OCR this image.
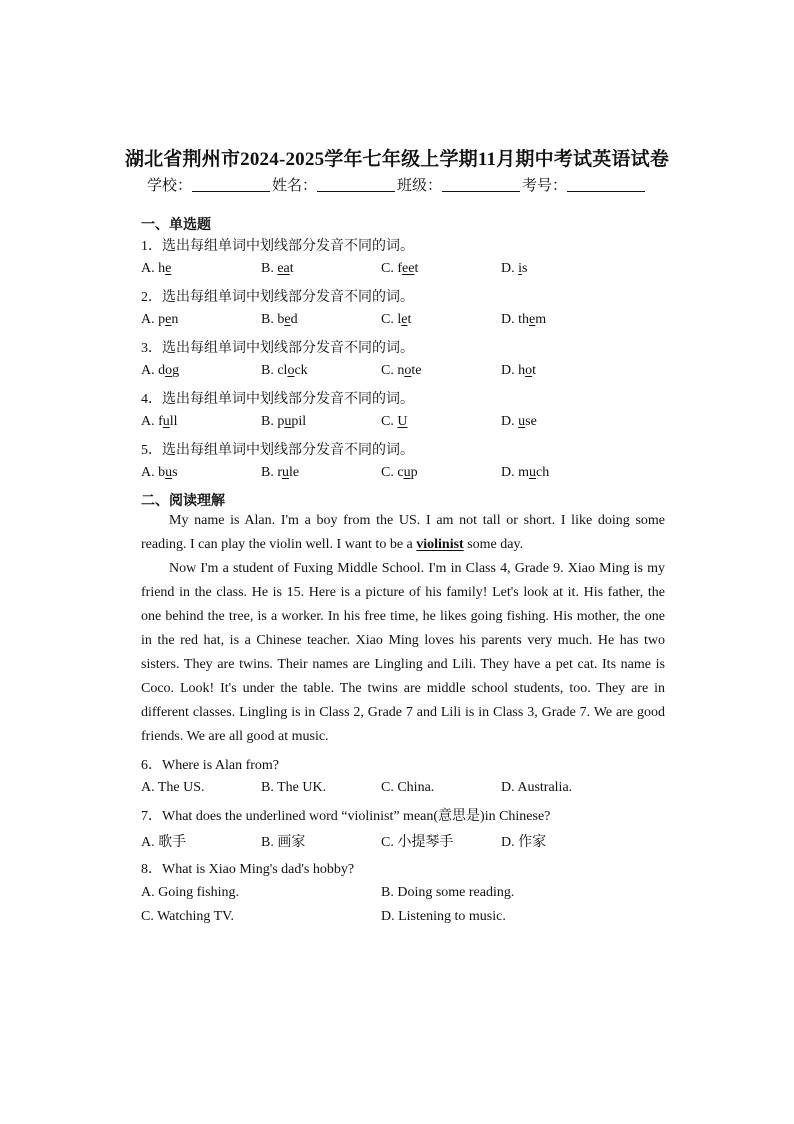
湖北省荆州市2024-2025学年七年级上学期11月期中考试英语试卷
学校：	姓名：	班级：	考号：
一、单选题
1．选出每组单词中划线部分发音不同的词。
A. he	B. eat	C. feet	D. is
2．选出每组单词中划线部分发音不同的词。
A. pen	B. bed	C. let	D. them
3．选出每组单词中划线部分发音不同的词。
A. dog	B. clock	C. note	D. hot
4．选出每组单词中划线部分发音不同的词。
A. full	B. pupil	C. U	D. use
5．选出每组单词中划线部分发音不同的词。
A. bus	B. rule	C. cup	D. much
二、阅读理解

My name is Alan. I'm a boy from the US. I am not tall or short. I like doing some reading. I can play the violin well. I want to be a violinist some day.

Now I'm a student of Fuxing Middle School. I'm in Class 4, Grade 9. Xiao Ming is my friend in the class. He is 15. Here is a picture of his family! Let's look at it. His father, the one behind the tree, is a worker. In his free time, he likes going fishing. His mother, the one in the red hat, is a Chinese teacher. Xiao Ming loves his parents very much. He has two sisters. They are twins. Their names are Lingling and Lili. They have a pet cat. Its name is Coco. Look! It's under the table. The twins are middle school students, too. They are in different classes. Lingling is in Class 2, Grade 7 and Lili is in Class 3, Grade 7. We are good friends. We are all good at music.

6．Where is Alan from?
A. The US.	B. The UK.	C. China.	D. Australia.
7．What does the underlined word “violinist” mean(意思是)in Chinese?
A. 歌手	B. 画家	C. 小提琴手	D. 作家
8．What is Xiao Ming's dad's hobby?
A. Going fishing.	B. Doing some reading.
C. Watching TV.	D. Listening to music.
